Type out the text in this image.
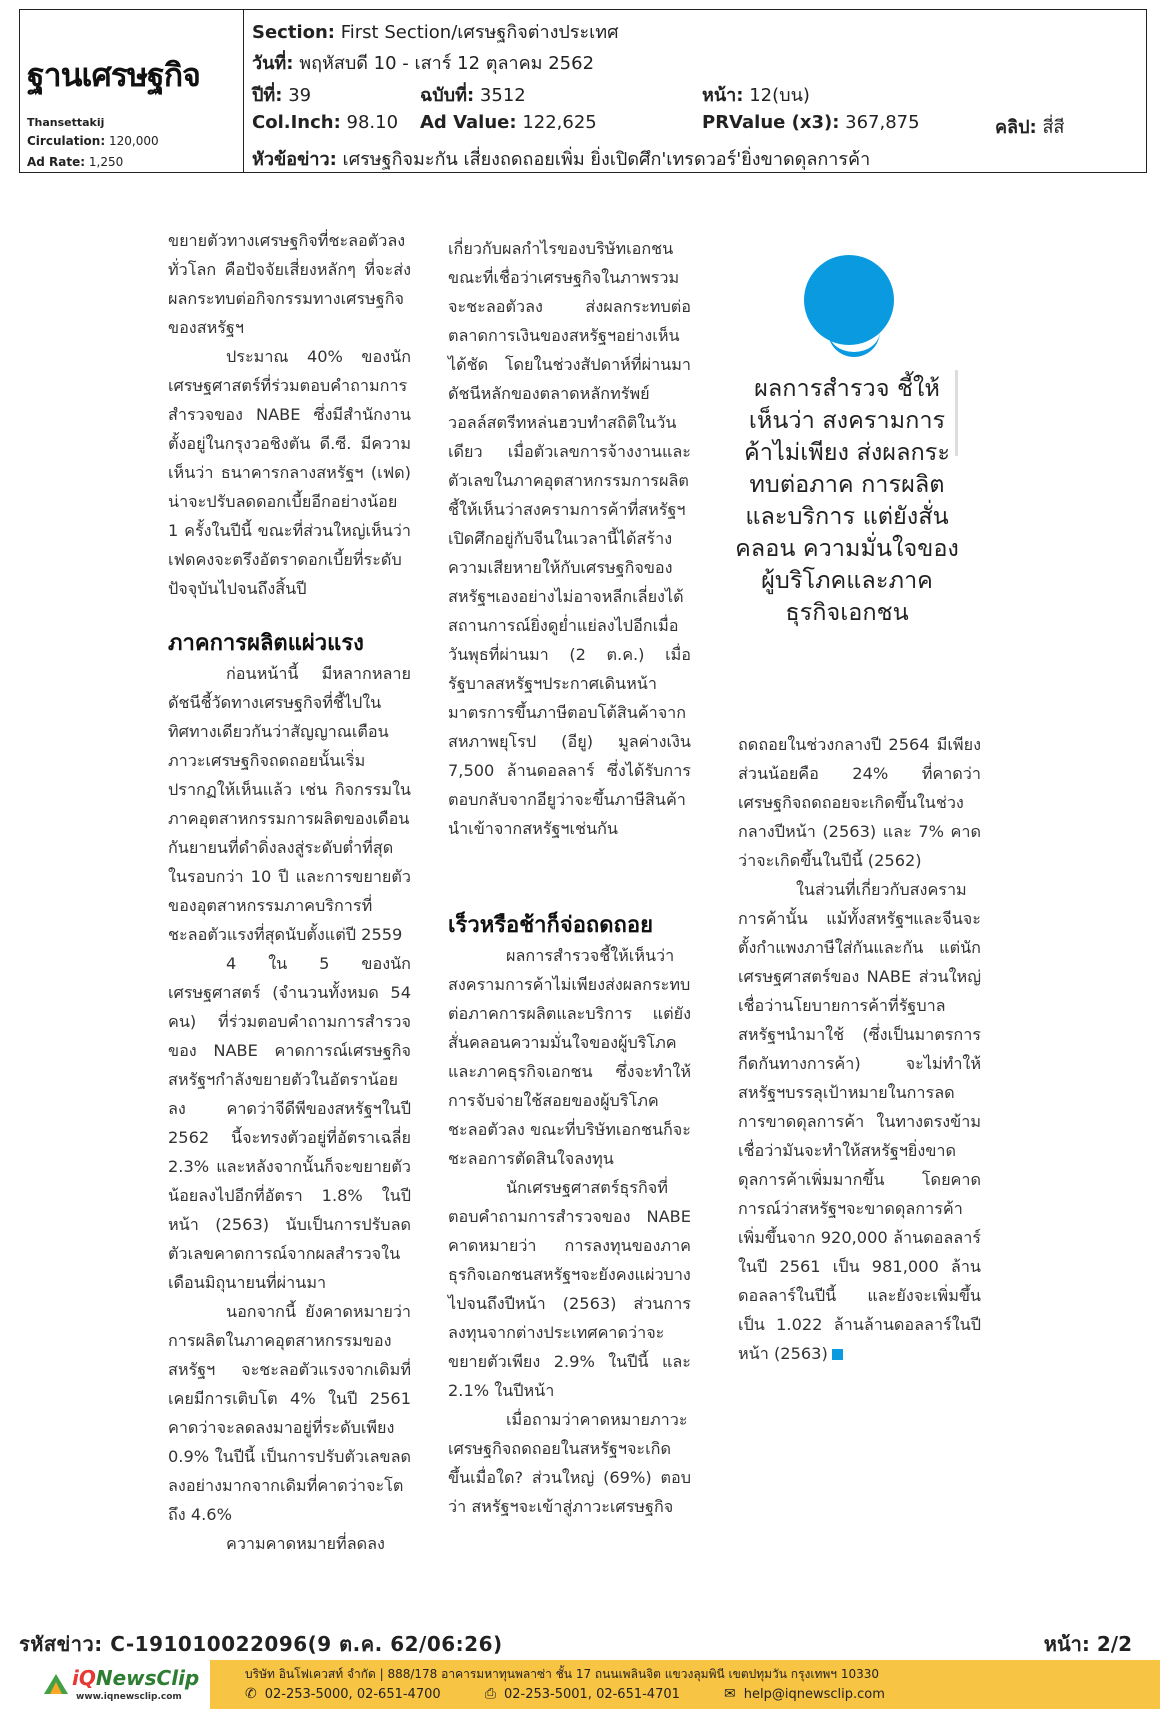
ฐานเศรษฐกิจ
Thansettakij
Circulation: 120,000
Ad Rate: 1,250
Section: First Section/เศรษฐกิจต่างประเทศ
วันที่: พฤหัสบดี 10 - เสาร์ 12 ตุลาคม 2562
ปีที่: 39	ฉบับที่: 3512	หน้า: 12(บน)
Col.Inch: 98.10 Ad Value: 122,625	PRValue (x3): 367,875	คลิป: สี่สี
หัวข้อข่าว: เศรษฐกิจมะกัน เสี่ยงถดถอยเพิ่ม ยิ่งเปิดศึก'เทรดวอร์'ยิ่งขาดดุลการค้า

ขยายตัวทางเศรษฐกิจที่ชะลอตัวลงทั่วโลก คือปัจจัยเสี่ยงหลักๆ ที่จะส่งผลกระทบต่อกิจกรรมทางเศรษฐกิจของสหรัฐฯ

ประมาณ 40% ของนักเศรษฐศาสตร์ที่ร่วมตอบคำถามการสำรวจของ NABE ซึ่งมีสำนักงานตั้งอยู่ในกรุงวอชิงตัน ดี.ซี. มีความเห็นว่า ธนาคารกลางสหรัฐฯ (เฟด) น่าจะปรับลดดอกเบี้ยอีกอย่างน้อย 1 ครั้งในปีนี้ ขณะที่ส่วนใหญ่เห็นว่าเฟดคงจะตรึงอัตราดอกเบี้ยที่ระดับปัจจุบันไปจนถึงสิ้นปี

ภาคการผลิตแผ่วแรง

ก่อนหน้านี้ มีหลากหลายดัชนีชี้วัดทางเศรษฐกิจที่ชี้ไปในทิศทางเดียวกันว่าสัญญาณเตือนภาวะเศรษฐกิจถดถอยนั้นเริ่มปรากฏให้เห็นแล้ว เช่น กิจกรรมในภาคอุตสาหกรรมการผลิตของเดือนกันยายนที่ดำดิ่งลงสู่ระดับต่ำที่สุดในรอบกว่า 10 ปี และการขยายตัวของอุตสาหกรรมภาคบริการที่ชะลอตัวแรงที่สุดนับตั้งแต่ปี 2559

4 ใน 5 ของนักเศรษฐศาสตร์ (จำนวนทั้งหมด 54 คน) ที่ร่วมตอบคำถามการสำรวจของ NABE คาดการณ์เศรษฐกิจสหรัฐฯกำลังขยายตัวในอัตราน้อยลง คาดว่าจีดีพีของสหรัฐฯในปี 2562 นี้จะทรงตัวอยู่ที่อัตราเฉลี่ย 2.3% และหลังจากนั้นก็จะขยายตัวน้อยลงไปอีกที่อัตรา 1.8% ในปีหน้า (2563) นับเป็นการปรับลดตัวเลขคาดการณ์จากผลสำรวจในเดือนมิถุนายนที่ผ่านมา

นอกจากนี้ ยังคาดหมายว่า การผลิตในภาคอุตสาหกรรมของสหรัฐฯ จะชะลอตัวแรงจากเดิมที่เคยมีการเติบโต 4% ในปี 2561 คาดว่าจะลดลงมาอยู่ที่ระดับเพียง 0.9% ในปีนี้ เป็นการปรับตัวเลขลดลงอย่างมากจากเดิมที่คาดว่าจะโตถึง 4.6%

ความคาดหมายที่ลดลง

เกี่ยวกับผลกำไรของบริษัทเอกชน ขณะที่เชื่อว่าเศรษฐกิจในภาพรวมจะชะลอตัวลง ส่งผลกระทบต่อตลาดการเงินของสหรัฐฯอย่างเห็นได้ชัด โดยในช่วงสัปดาห์ที่ผ่านมา ดัชนีหลักของตลาดหลักทรัพย์วอลล์สตรีทหล่นฮวบทำสถิติในวันเดียว เมื่อตัวเลขการจ้างงานและตัวเลขในภาคอุตสาหกรรมการผลิตชี้ให้เห็นว่าสงครามการค้าที่สหรัฐฯเปิดศึกอยู่กับจีนในเวลานี้ได้สร้างความเสียหายให้กับเศรษฐกิจของสหรัฐฯเองอย่างไม่อาจหลีกเลี่ยงได้ สถานการณ์ยิ่งดูย่ำแย่ลงไปอีกเมื่อวันพุธที่ผ่านมา (2 ต.ค.) เมื่อรัฐบาลสหรัฐฯประกาศเดินหน้ามาตรการขึ้นภาษีตอบโต้สินค้าจากสหภาพยุโรป (อียู) มูลค่างเงิน 7,500 ล้านดอลลาร์ ซึ่งได้รับการตอบกลับจากอียูว่าจะขึ้นภาษีสินค้านำเข้าจากสหรัฐฯเช่นกัน

เร็วหรือช้าก็จ่อถดถอย

ผลการสำรวจชี้ให้เห็นว่า สงครามการค้าไม่เพียงส่งผลกระทบต่อภาคการผลิตและบริการ แต่ยังสั่นคลอนความมั่นใจของผู้บริโภคและภาคธุรกิจเอกชน ซึ่งจะทำให้การจับจ่ายใช้สอยของผู้บริโภคชะลอตัวลง ขณะที่บริษัทเอกชนก็จะชะลอการตัดสินใจลงทุน

นักเศรษฐศาสตร์ธุรกิจที่ตอบคำถามการสำรวจของ NABE คาดหมายว่า การลงทุนของภาคธุรกิจเอกชนสหรัฐฯจะยังคงแผ่วบางไปจนถึงปีหน้า (2563) ส่วนการลงทุนจากต่างประเทศคาดว่าจะขยายตัวเพียง 2.9% ในปีนี้ และ 2.1% ในปีหน้า

เมื่อถามว่าคาดหมายภาวะเศรษฐกิจถดถอยในสหรัฐฯจะเกิดขึ้นเมื่อใด? ส่วนใหญ่ (69%) ตอบว่า สหรัฐฯจะเข้าสู่ภาวะเศรษฐกิจ

ผลการสำรวจ ชี้ให้เห็นว่า สงครามการค้าไม่เพียง ส่งผลกระทบต่อภาค การผลิตและบริการ แต่ยังสั่นคลอน ความมั่นใจของ ผู้บริโภคและภาค ธุรกิจเอกชน

ถดถอยในช่วงกลางปี 2564 มีเพียงส่วนน้อยคือ 24% ที่คาดว่าเศรษฐกิจถดถอยจะเกิดขึ้นในช่วงกลางปีหน้า (2563) และ 7% คาดว่าจะเกิดขึ้นในปีนี้ (2562)

ในส่วนที่เกี่ยวกับสงครามการค้านั้น แม้ทั้งสหรัฐฯและจีนจะตั้งกำแพงภาษีใส่กันและกัน แต่นักเศรษฐศาสตร์ของ NABE ส่วนใหญ่เชื่อว่านโยบายการค้าที่รัฐบาลสหรัฐฯนำมาใช้ (ซึ่งเป็นมาตรการกีดกันทางการค้า) จะไม่ทำให้สหรัฐฯบรรลุเป้าหมายในการลดการขาดดุลการค้า ในทางตรงข้ามเชื่อว่ามันจะทำให้สหรัฐฯยิ่งขาดดุลการค้าเพิ่มมากขึ้น โดยคาดการณ์ว่าสหรัฐฯจะขาดดุลการค้าเพิ่มขึ้นจาก 920,000 ล้านดอลลาร์ในปี 2561 เป็น 981,000 ล้านดอลลาร์ในปีนี้ และยังจะเพิ่มขึ้นเป็น 1.022 ล้านล้านดอลลาร์ในปีหน้า (2563)

รหัสข่าว: C-191010022096(9 ต.ค. 62/06:26)	หน้า: 2/2
iQNewsClip
www.iqnewsclip.com
บริษัท อินโฟเควสท์ จำกัด | 888/178 อาคารมหาทุนพลาซ่า ชั้น 17 ถนนเพลินจิต แขวงลุมพินี เขตปทุมวัน กรุงเทพฯ 10330
✆ 02-253-5000, 02-651-4700	⎙ 02-253-5001, 02-651-4701	✉ help@iqnewsclip.com
